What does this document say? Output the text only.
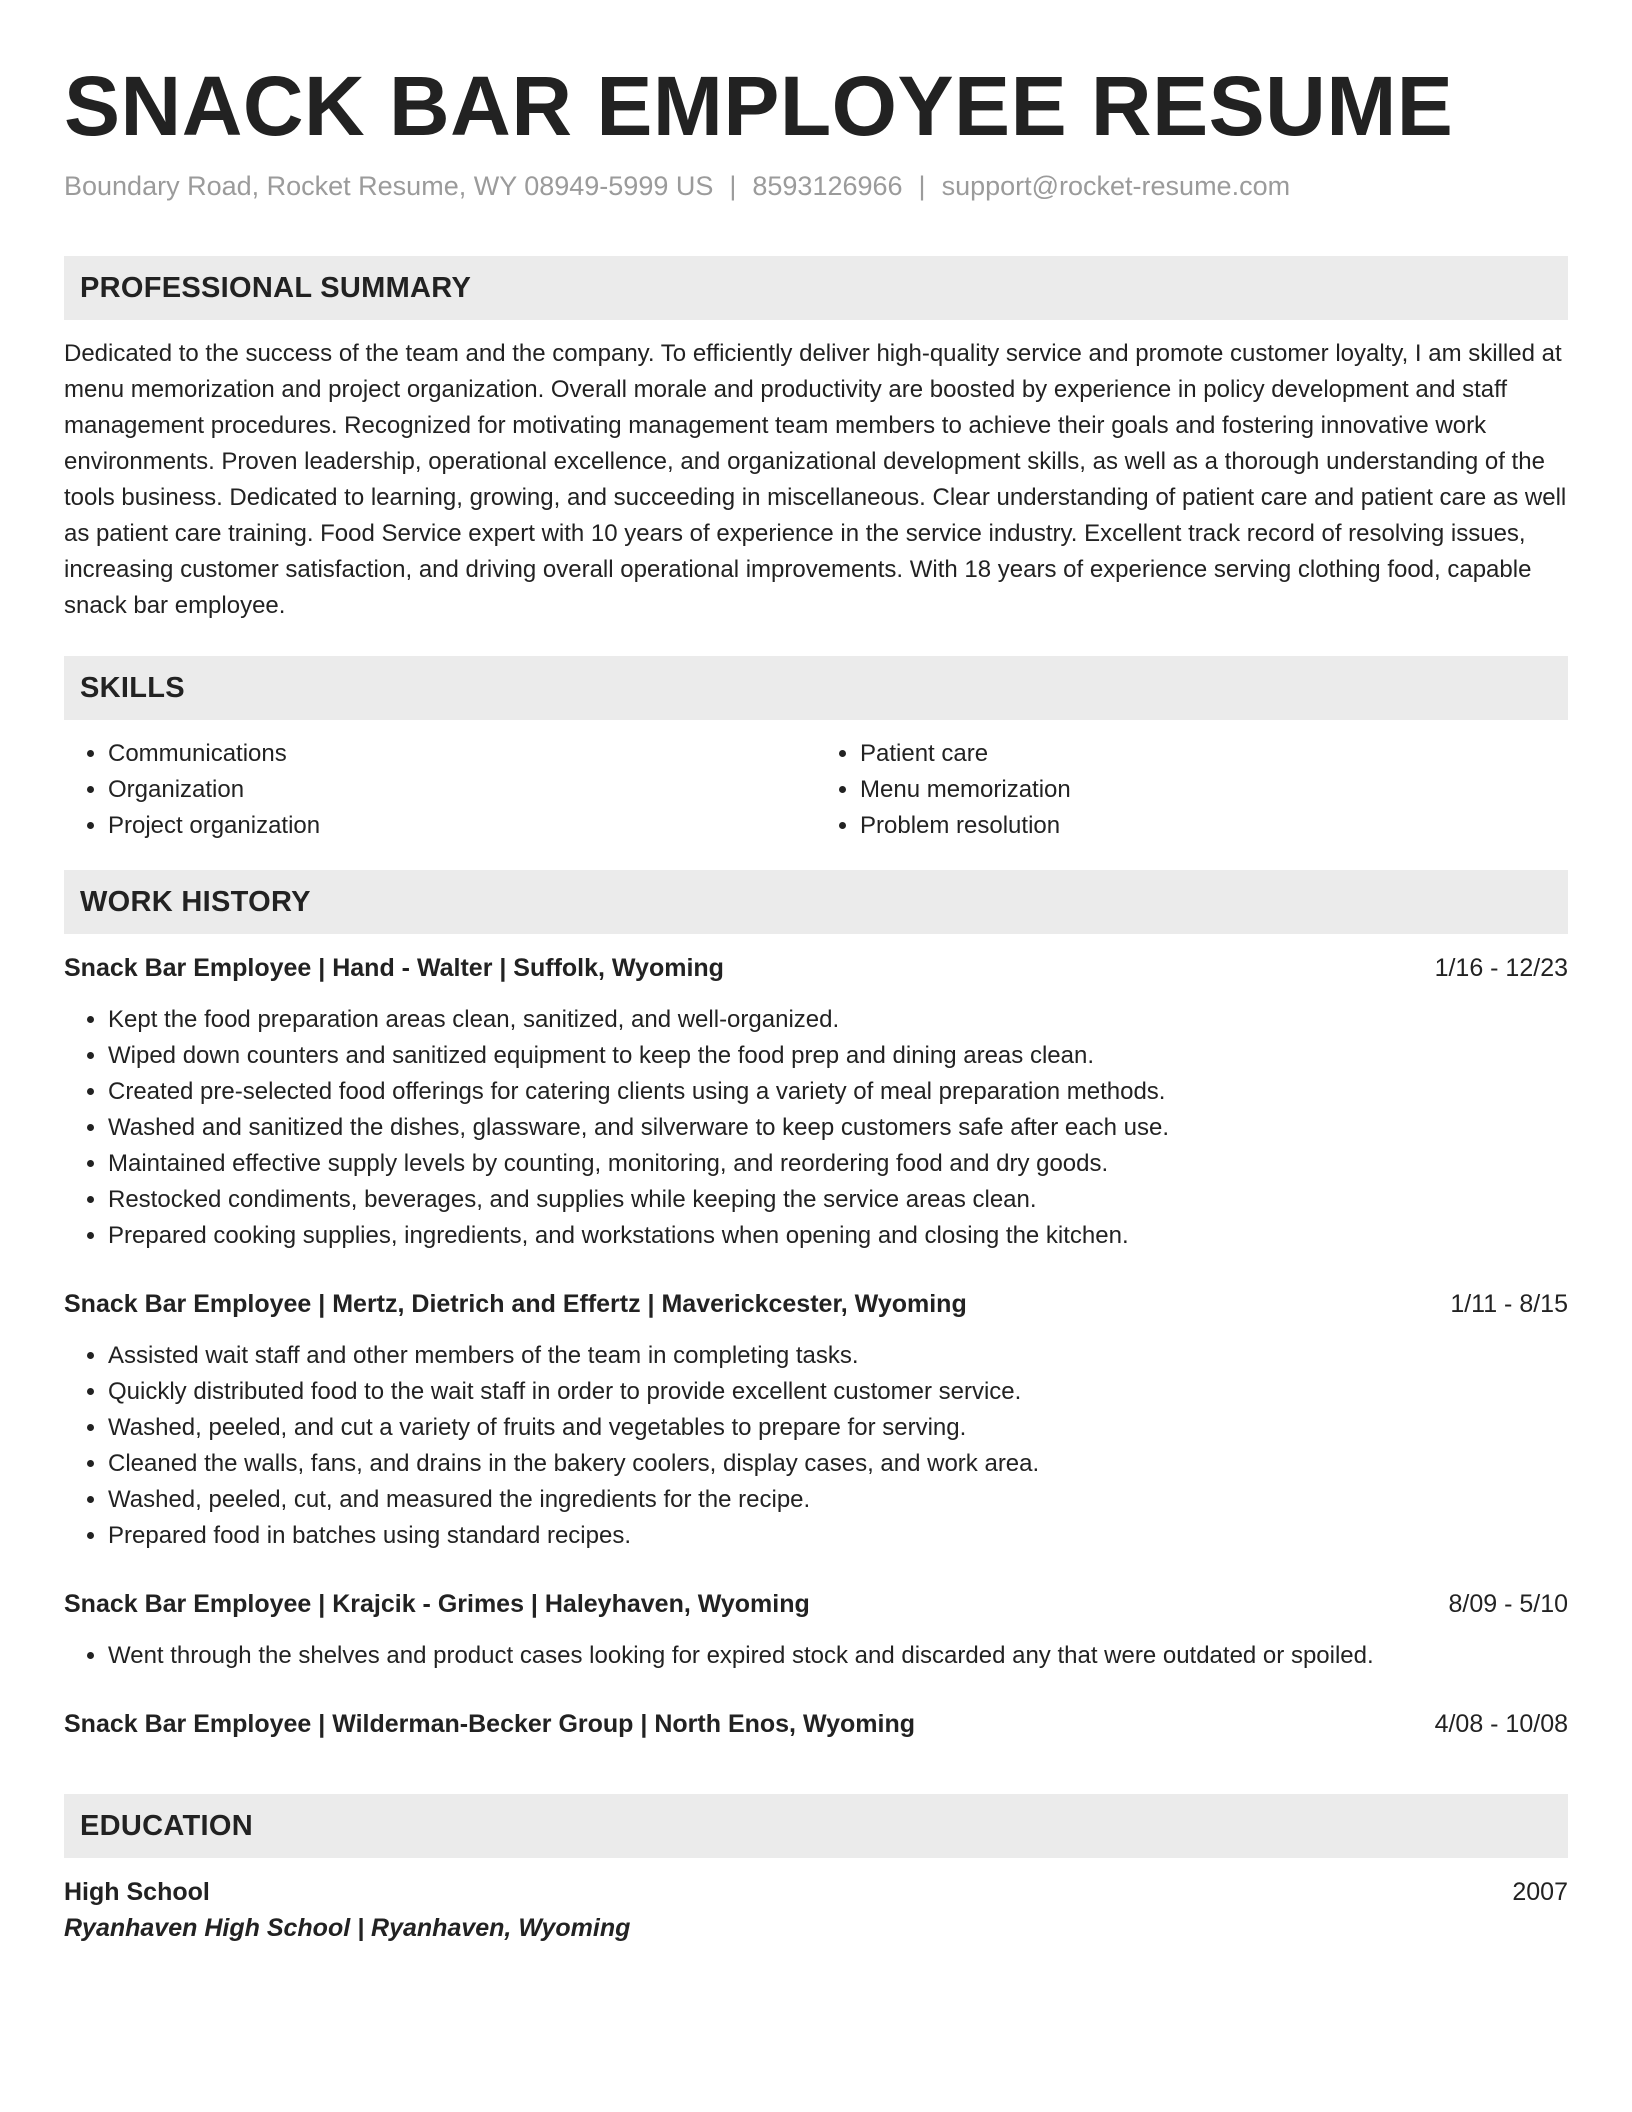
SNACK BAR EMPLOYEE RESUME
Boundary Road, Rocket Resume, WY 08949-5999 US | 8593126966 | support@rocket-resume.com
PROFESSIONAL SUMMARY
Dedicated to the success of the team and the company. To efficiently deliver high-quality service and promote customer loyalty, I am skilled at menu memorization and project organization. Overall morale and productivity are boosted by experience in policy development and staff management procedures. Recognized for motivating management team members to achieve their goals and fostering innovative work environments. Proven leadership, operational excellence, and organizational development skills, as well as a thorough understanding of the tools business. Dedicated to learning, growing, and succeeding in miscellaneous. Clear understanding of patient care and patient care as well as patient care training. Food Service expert with 10 years of experience in the service industry. Excellent track record of resolving issues, increasing customer satisfaction, and driving overall operational improvements. With 18 years of experience serving clothing food, capable snack bar employee.
SKILLS
• Communications
• Organization
• Project organization
• Patient care
• Menu memorization
• Problem resolution
WORK HISTORY
Snack Bar Employee | Hand - Walter | Suffolk, Wyoming	1/16 - 12/23
• Kept the food preparation areas clean, sanitized, and well-organized.
• Wiped down counters and sanitized equipment to keep the food prep and dining areas clean.
• Created pre-selected food offerings for catering clients using a variety of meal preparation methods.
• Washed and sanitized the dishes, glassware, and silverware to keep customers safe after each use.
• Maintained effective supply levels by counting, monitoring, and reordering food and dry goods.
• Restocked condiments, beverages, and supplies while keeping the service areas clean.
• Prepared cooking supplies, ingredients, and workstations when opening and closing the kitchen.
Snack Bar Employee | Mertz, Dietrich and Effertz | Maverickcester, Wyoming	1/11 - 8/15
• Assisted wait staff and other members of the team in completing tasks.
• Quickly distributed food to the wait staff in order to provide excellent customer service.
• Washed, peeled, and cut a variety of fruits and vegetables to prepare for serving.
• Cleaned the walls, fans, and drains in the bakery coolers, display cases, and work area.
• Washed, peeled, cut, and measured the ingredients for the recipe.
• Prepared food in batches using standard recipes.
Snack Bar Employee | Krajcik - Grimes | Haleyhaven, Wyoming	8/09 - 5/10
• Went through the shelves and product cases looking for expired stock and discarded any that were outdated or spoiled.
Snack Bar Employee | Wilderman-Becker Group | North Enos, Wyoming	4/08 - 10/08
EDUCATION
High School	2007
Ryanhaven High School | Ryanhaven, Wyoming
